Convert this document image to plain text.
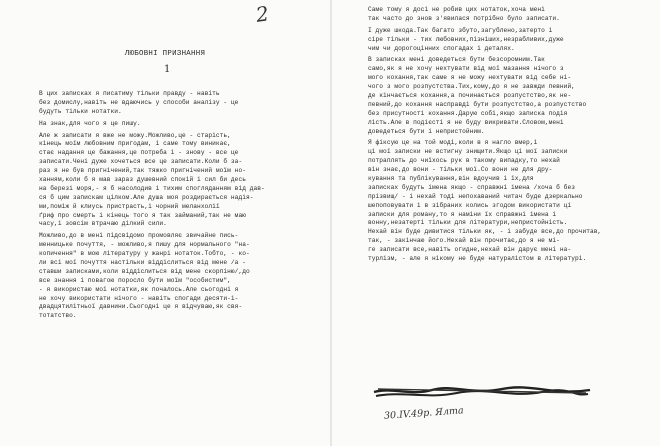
2
ЛЮБОВНІ ПРИЗНАННЯ
1
В цих записках я писатиму тільки правду - навіть
без домислу,навіть не вдаючись у способи аналізу - це
будуть тільки нотатки.
На знак,для чого я це пишу.
Але ж записати я вже не можу.Можливо,це - старість,
кінець моїм любовним пригодам, і саме тому виникає,
стає надання це бажання,це потреба і - знову - все це
записати.Чені дуже хочеться все це записати.Коли б за-
раз я не був пригнічений,так тяжко пригнічений моїм но-
ханням,коли б я мав зараз душевний спокій і сил би десь
на березі моря,- я б насолодив і тихим спогляданням від дав-
ся б цим запискам цілком.Але душа моя роздирається надія-
ми,поміж й клиусь пристрасть,і чорний меланхолії
ґриф про смерть і кінець того я так займаний,так не маю
часу,і зовсім втрачаю ділкий сили.
Можливо,до в мені підсвідомо промовляє звичайне пись-
менницьке почуття, - можливо,я пишу для нормального "на-
копичення" в мою літературу у жанрі нотаток.Тобто, - ко-
ли всі мої почуття настільки віддіслиться від мене /а -
ставши записками,коли віддіслиться від мене скорпіню/,до
все знання і повагою поросло бути моїм "особистим",
- я використаю мої нотатки,як почалось.Але сьогодні я
не хочу використати нічого - навіть спогади десяти-і-
двадцятилітньої давнини.Сьогодні це я відчуваю,як свя-
тотатство.
Саме тому я досі не робив цих нотаток,хоча мені
так часто до знов з'явилася потрібно було записати.
І дуже шкода.Так багато збуто,загублено,затерто і
сіре тільки - тих любовних,пізніших,незрабливих,дуже
чим чи дорогоцінних спогадах і деталях.
В записках мені доведеться бути безсоромним.Так
само,як я не хочу нехтувати від мої мазання нічого з
мого кохання,так саме я не можу нехтувати від себе ні-
чого з мого розпустства.Тих,кому,до я не завжди певний,
де кінчається кохання,а починається розпустство,як не-
певний,до кохання насправді бути розпустство,а розпустство
без присутності кохання.Дарую собі,якщо записка подія
лість.Але в подієсті я не буду викривати.Словом,мені
доведеться бути і непристойним.
Я фіксую це на той моді,коли в я нагло вмер,і
ці мої записки не встигну знищити.Якщо ці мої записки
потраплять до чиїхось рук в такому випадку,то нехай
він знає,до вони - тільки мої.Со вони не для дру-
кування та публікування,він вдоучив і їх,для
записках будуть імена якщо - справжні імена /хоча б без
прізвищ/ - і нехай тоді непохаваний читач буде дзеркально
шепоповувати і в зібраних колись згодом використати ці
записки для роману,то я наміни їх справжні імена і
вонну,незатерті тільки для літератури,непристойність.
Нехай він буде дивитися тільки як, - і забуде все,до прочитав,
так, - закінчаю його.Нехай він прочитає,до я не мі-
ге записати все,навіть огидне,нехай він дарує мені на-
турлізм, - але я нікому не буде натуралістом в літературі.
30.IV.49р. Ялта
